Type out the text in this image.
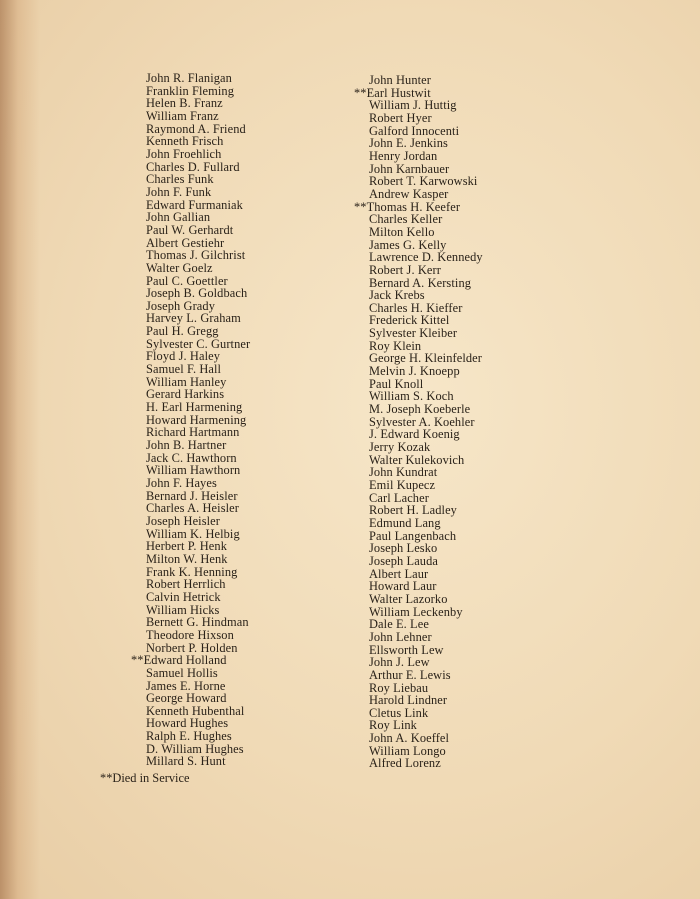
John R. Flanigan
Franklin Fleming
Helen B. Franz
William Franz
Raymond A. Friend
Kenneth Frisch
John Froehlich
Charles D. Fullard
Charles Funk
John F. Funk
Edward Furmaniak
John Gallian
Paul W. Gerhardt
Albert Gestiehr
Thomas J. Gilchrist
Walter Goelz
Paul C. Goettler
Joseph B. Goldbach
Joseph Grady
Harvey L. Graham
Paul H. Gregg
Sylvester C. Gurtner
Floyd J. Haley
Samuel F. Hall
William Hanley
Gerard Harkins
H. Earl Harmening
Howard Harmening
Richard Hartmann
John B. Hartner
Jack C. Hawthorn
William Hawthorn
John F. Hayes
Bernard J. Heisler
Charles A. Heisler
Joseph Heisler
William K. Helbig
Herbert P. Henk
Milton W. Henk
Frank K. Henning
Robert Herrlich
Calvin Hetrick
William Hicks
Bernett G. Hindman
Theodore Hixson
Norbert P. Holden
**Edward Holland
Samuel Hollis
James E. Horne
George Howard
Kenneth Hubenthal
Howard Hughes
Ralph E. Hughes
D. William Hughes
Millard S. Hunt
John Hunter
**Earl Hustwit
William J. Huttig
Robert Hyer
Galford Innocenti
John E. Jenkins
Henry Jordan
John Karnbauer
Robert T. Karwowski
Andrew Kasper
**Thomas H. Keefer
Charles Keller
Milton Kello
James G. Kelly
Lawrence D. Kennedy
Robert J. Kerr
Bernard A. Kersting
Jack Krebs
Charles H. Kieffer
Frederick Kittel
Sylvester Kleiber
Roy Klein
George H. Kleinfelder
Melvin J. Knoepp
Paul Knoll
William S. Koch
M. Joseph Koeberle
Sylvester A. Koehler
J. Edward Koenig
Jerry Kozak
Walter Kulekovich
John Kundrat
Emil Kupecz
Carl Lacher
Robert H. Ladley
Edmund Lang
Paul Langenbach
Joseph Lesko
Joseph Lauda
Albert Laur
Howard Laur
Walter Lazorko
William Leckenby
Dale E. Lee
John Lehner
Ellsworth Lew
John J. Lew
Arthur E. Lewis
Roy Liebau
Harold Lindner
Cletus Link
Roy Link
John A. Koeffel
William Longo
Alfred Lorenz
**Died in Service
